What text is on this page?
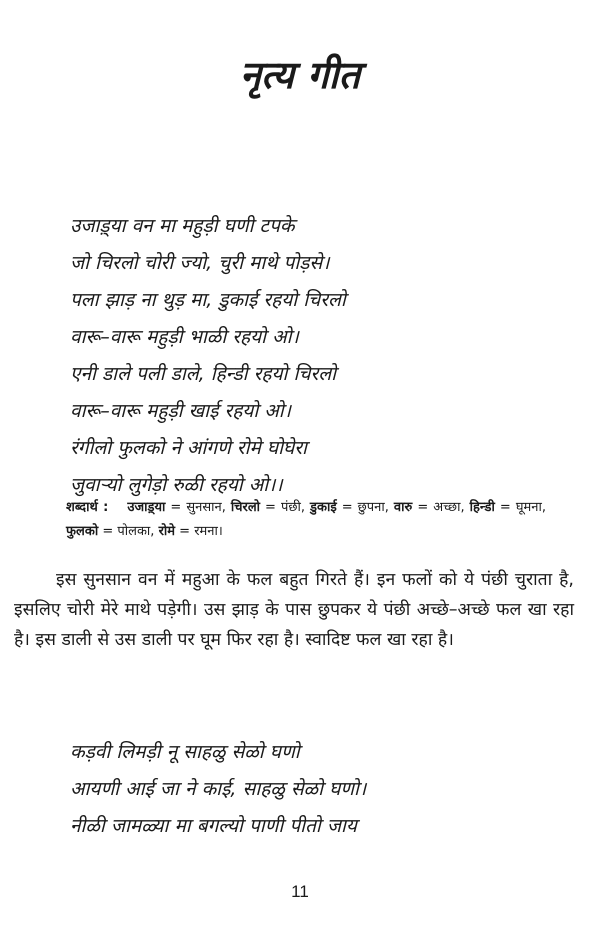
नृत्य गीत
उजाड़्या वन मा महुड़ी घणी टपके
जो चिरलो चोरी ज्यो, चुरी माथे पोड़से।
पला झाड़ ना थुड़ मा, डुकाई रहयो चिरलो
वारू–वारू महुड़ी भाळी रहयो ओ।
एनी डाले पली डाले, हिन्डी रहयो चिरलो
वारू–वारू महुड़ी खाई रहयो ओ।
रंगीलो फुलको ने आंगणे रोमे घोघेरा
जुवार्‍यो लुगेड़ो रुळी रहयो ओ।।
शब्दार्थ : उजाड़्या = सुनसान, चिरलो = पंछी, डुकाई = छुपना, वारु = अच्छा, हिन्डी = घूमना, फुलको = पोलका, रोमे = रमना।

इस सुनसान वन में महुआ के फल बहुत गिरते हैं। इन फलों को ये पंछी चुराता है, इसलिए चोरी मेरे माथे पड़ेगी। उस झाड़ के पास छुपकर ये पंछी अच्छे–अच्छे फल खा रहा है। इस डाली से उस डाली पर घूम फिर रहा है। स्वादिष्ट फल खा रहा है।

कड़वी लिमड़ी नू साहळु सेळो घणो
आयणी आई जा ने काई, साहळु सेळो घणो।
नीळी जामळ्या मा बगल्यो पाणी पीतो जाय
11
